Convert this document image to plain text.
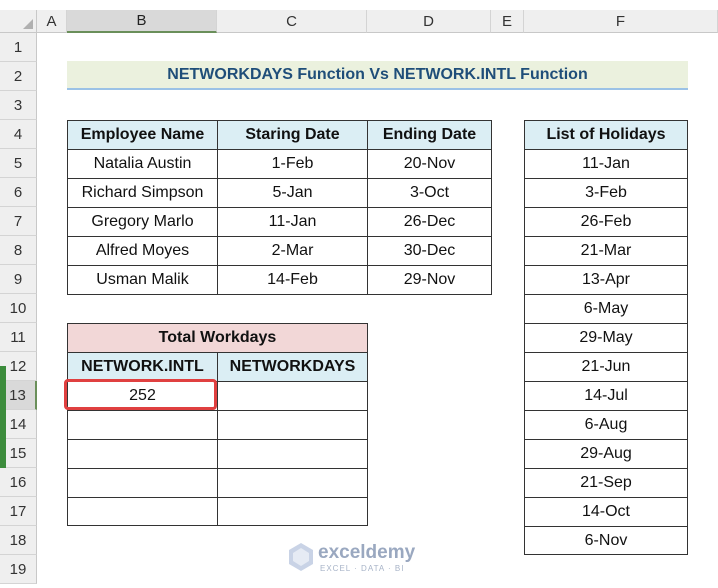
A	B	C	D	E	F
1
2
3
4
5
6
7
8
9
10
11
12
13
14
15
16
17
18
19
NETWORKDAYS Function Vs NETWORK.INTL Function
Employee Name	Staring Date	Ending Date
Natalia Austin	1-Feb	20-Nov
Richard Simpson	5-Jan	3-Oct
Gregory Marlo	11-Jan	26-Dec
Alfred Moyes	2-Mar	30-Dec
Usman Malik	14-Feb	29-Nov
List of Holidays
11-Jan
3-Feb
26-Feb
21-Mar
13-Apr
6-May
29-May
21-Jun
14-Jul
6-Aug
29-Aug
21-Sep
14-Oct
6-Nov
Total Workdays
NETWORK.INTL	NETWORKDAYS
252
exceldemy
EXCEL · DATA · BI
